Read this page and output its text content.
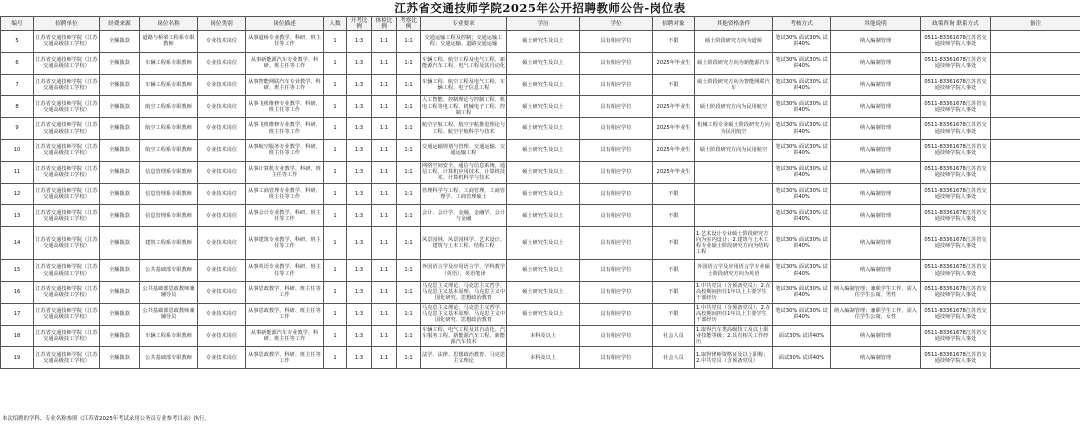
江苏省交通技师学院2025年公开招聘教师公告-岗位表
编号	招聘单位	经费来源	岗位名称	岗位类别	岗位描述	人数	开考比例	体检比例	考察比例	专业要求	学历	学位	招聘对象	其他资格条件	考核方式	其他说明	政策咨询 联系方式	备注
5	江苏省交通技师学院（江苏交通高级技工学校）	全额拨款	道路与桥梁工程系专职教师	专业技术岗位	从事道桥专业教学、科研、班主任等工作	1	1:3	1:1	1:1	交通运输工程及控制；交通运输工程；交通运输、道路交通运输	硕士研究生及以上	具有相应学位	不限	硕士阶段研究方向为道桥	笔试30% 面试30% 试讲40%	纳入编制管理	0511-83361678江苏省交通技师学院人事处	
6	江苏省交通技师学院（江苏交通高级技工学校）	全额拨款	车辆工程系专职教师	专业技术岗位	从事新能源汽车专业教学、科研、班主任等工作	1	1:3	1:1	1:1	车辆工程、航空工程及电气工程、新能源汽车工程、电气工程及其自动化	硕士研究生及以上	具有相应学位	2025年毕业生	硕士阶段研究方向为新能源汽车	笔试30% 面试30% 试讲40%	纳入编制管理	0511-83361678江苏省交通技师学院人事处	
7	江苏省交通技师学院（江苏交通高级技工学校）	全额拨款	车辆工程系专职教师	专业技术岗位	从事智能网联汽车专业教学、科研、班主任等工作	1	1:3	1:1	1:1	车辆工程、航空工程及电气工程、车辆工程、电子信息工程	硕士研究生及以上	具有相应学位	不限	硕士阶段研究方向为智能网联汽车	笔试30% 面试30% 试讲40%	纳入编制管理	0511-83361678江苏省交通技师学院人事处	
8	江苏省交通技师学院（江苏交通高级技工学校）	全额拨款	航空工程系专职教师	专业技术岗位	从事飞机维修专业教学、科研、班主任等工作	1	1:3	1:1	1:1	人工智能、控制理论与控制工程、机电工程等电工程、机械电子工程、控制工程	硕士研究生及以上	具有相应学位	2025年毕业生	硕士阶段研究方向为民用航空	笔试30% 面试30% 试讲40%	纳入编制管理	0511-83361678江苏省交通技师学院人事处	
9	江苏省交通技师学院（江苏交通高级技工学校）	全额拨款	航空工程系专职教师	专业技术岗位	从事飞机维修专业教学、科研、班主任等工作	1	1:3	1:1	1:1	航空宇航工程、航空宇航推进理论与工程、航空宇航科学与技术	硕士研究生及以上	具有相应学位	2025年毕业生	机械工程专业硕士阶段研究方向为民用航空	笔试30% 面试30% 试讲40%	纳入编制管理	0511-83361678江苏省交通技师学院人事处	
10	江苏省交通技师学院（江苏交通高级技工学校）	全额拨款	航空工程系专职教师	专业技术岗位	从事航空服务专业教学、科研、班主任等工作	1	1:3	1:1	1:1	交通运输规划与管理、交通运输、交通运输工程	硕士研究生及以上	具有相应学位	2025年毕业生	硕士阶段研究方向为民用航空	笔试30% 面试30% 试讲40%	纳入编制管理	0511-83361678江苏省交通技师学院人事处	
11	江苏省交通技师学院（江苏交通高级技工学校）	全额拨款	信息管理系专职教师	专业技术岗位	从事计算机专业教学、科研、班主任等工作	1	1:3	1:1	1:1	网络空间安全、通信与信息系统、通信工程、计算机应用技术、计算机技术、计算机科学与技术	硕士研究生及以上	具有相应学位	2025年毕业生		笔试30% 面试30% 试讲40%	纳入编制管理	0511-83361678江苏省交通技师学院人事处	
12	江苏省交通技师学院（江苏交通高级技工学校）	全额拨款	信息管理系专职教师	专业技术岗位	从事工商管理专业教学、科研、班主任等工作	1	1:3	1:1	1:1	管理科学与工程、工商管理、工商管理学、工商管理硕士	硕士研究生及以上	具有相应学位	不限		笔试30% 面试30% 试讲40%	纳入编制管理	0511-83361678江苏省交通技师学院人事处	
13	江苏省交通技师学院（江苏交通高级技工学校）	全额拨款	信息管理系专职教师	专业技术岗位	从事会计专业教学、科研、班主任等工作	1	1:3	1:1	1:1	会计、会计学、金融、金融学、会计与金融	硕士研究生及以上	具有相应学位	不限		笔试30% 面试30% 试讲40%	纳入编制管理	0511-83361678江苏省交通技师学院人事处	
14	江苏省交通技师学院（江苏交通高级技工学校）	全额拨款	建筑工程系专职教师	专业技术岗位	从事建筑专业教学、科研、班主任等工作	1	1:3	1:1	1:1	风景园林、风景园林学、艺术设计、建筑与土木工程、结构工程	硕士研究生及以上	具有相应学位	不限	1.艺术设计专业硕士阶段研究方向为室内设计；2.建筑与土木工程专业硕士阶段研究方向为结构工程	笔试30% 面试30% 试讲40%	纳入编制管理	0511-83361678江苏省交通技师学院人事处	
15	江苏省交通技师学院（江苏交通高级技工学校）	全额拨款	公共基础部专职教师	专业技术岗位	从事英语专业教学、科研、班主任等工作	1	1:3	1:1	1:1	外国语言学及应用语言学、学科教学（英语）、英语笔译	硕士研究生及以上	具有相应学位	不限	外国语言学及应用语言学专业硕士阶段研究方向为英语	笔试30% 面试30% 试讲40%	纳入编制管理	0511-83361678江苏省交通技师学院人事处	
16	江苏省交通技师学院（江苏交通高级技工学校）	全额拨款	公共基础部思政教师兼辅导员	专业技术岗位	从事思政教学、科研、班主任等工作	1	1:3	1:1	1:1	马克思主义理论、马克思主义哲学、马克思主义基本原理、马克思主义中国化研究、思想政治教育	硕士研究生及以上	具有相应学位	不限	1.中共党员（含预备党员）；2.在高校期间担任1年以上主要学生干部经历	笔试30% 面试30% 试讲40%	纳入编制管理；兼职学生工作，需入住学生公寓，男性	0511-83361678江苏省交通技师学院人事处	
17	江苏省交通技师学院（江苏交通高级技工学校）	全额拨款	公共基础部思政教师兼辅导员	专业技术岗位	从事思政教学、科研、班主任等工作	1	1:3	1:1	1:1	马克思主义理论、马克思主义哲学、马克思主义基本原理、马克思主义中国化研究、思想政治教育	硕士研究生及以上	具有相应学位	不限	1.中共党员（含预备党员）；2.在高校期间担任1年以上主要学生干部经历	笔试30% 面试30% 试讲40%	纳入编制管理；兼职学生工作，需入住学生公寓，女性	0511-83361678江苏省交通技师学院人事处	
18	江苏省交通技师学院（江苏交通高级技工学校）	全额拨款	车辆工程系专职教师	专业技术岗位	从事新能源汽车专业教学、科研、班主任等工作	1	1:3	1:1	1:1	车辆工程、电气工程及其自动化、汽车服务工程、新能源汽车工程、新能源汽车技术	本科及以上	具有相应学位	社会人员	1.取得汽车类高级技工及以上职业技能等级；2.具有相关工作经历	面试30% 试讲40%	纳入编制管理	0511-83361678江苏省交通技师学院人事处	
19	江苏省交通技师学院（江苏交通高级技工学校）	全额拨款	公共基础部专职教师	专业技术岗位	从事思政教学、科研、班主任等工作	1	1:3	1:1	1:1	法学、法律、思想政治教育、马克思主义理论	本科及以上	具有相应学位	社会人员	1.取得律师资格证及以上职称；2.中共党员（含预备党员）	面试30% 试讲40%	纳入编制管理	0511-83361678江苏省交通技师学院人事处	
本次招聘的学科、专业名称参照《江苏省2025年考试录用公务员专业参考目录》执行。
